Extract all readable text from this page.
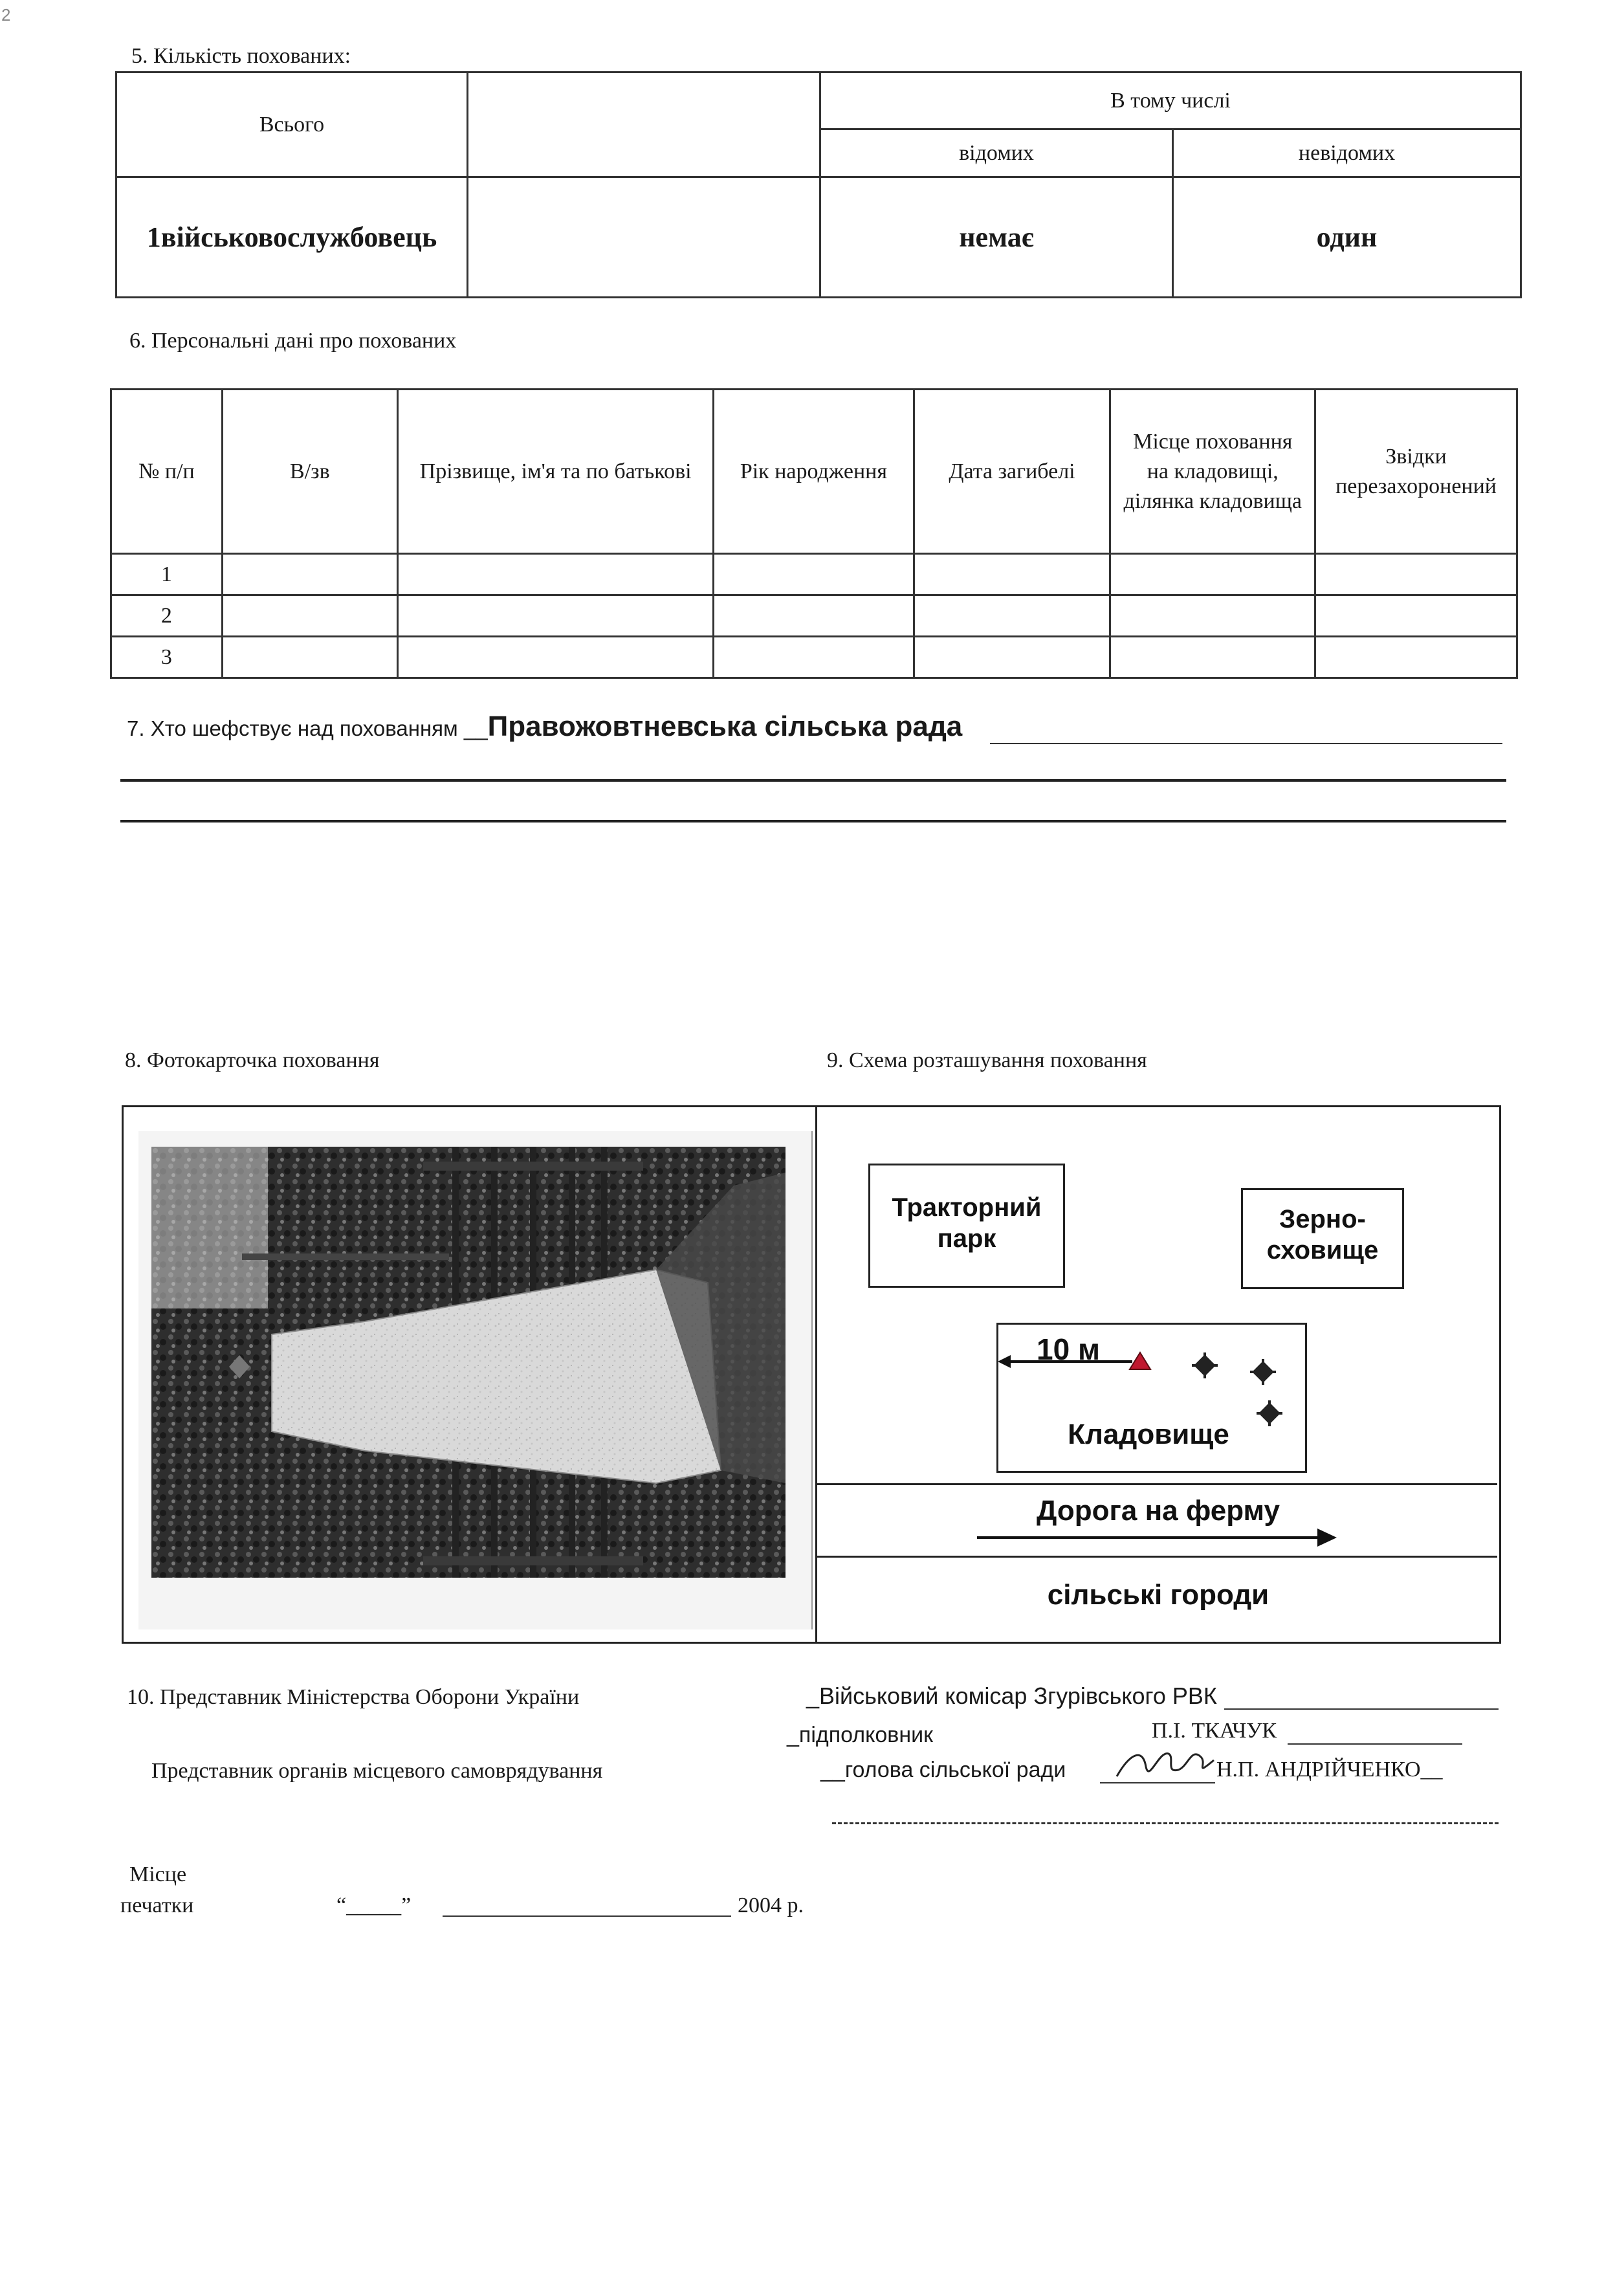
2
5. Кількість похованих:
Всього		В тому числі	
		відомих	невідомих
1військовослужбовець		немає	один
6. Персональні дані про похованих
№ п/п	В/зв	Прізвище, ім'я та по батькові	Рік народження	Дата загибелі	Місце поховання на кладовищі, ділянка кладовища	Звідки перезахоронений
1						
2						
3						
7. Хто шефствує над похованням __Правожовтневська сільська рада
8. Фотокарточка поховання	9. Схема розташування поховання
Тракторний парк
Зерно-
сховище
10 м
Кладовище
Дорога на ферму
сільські городи
10. Представник Міністерства Оборони України	_Військовий комісар Згурівського РВК
_підполковник	П.І. ТКАЧУК
Представник органів місцевого самоврядування	__голова сільської ради	Н.П. АНДРІЙЧЕНКО__
Місце
печатки	“_____”	2004 р.
